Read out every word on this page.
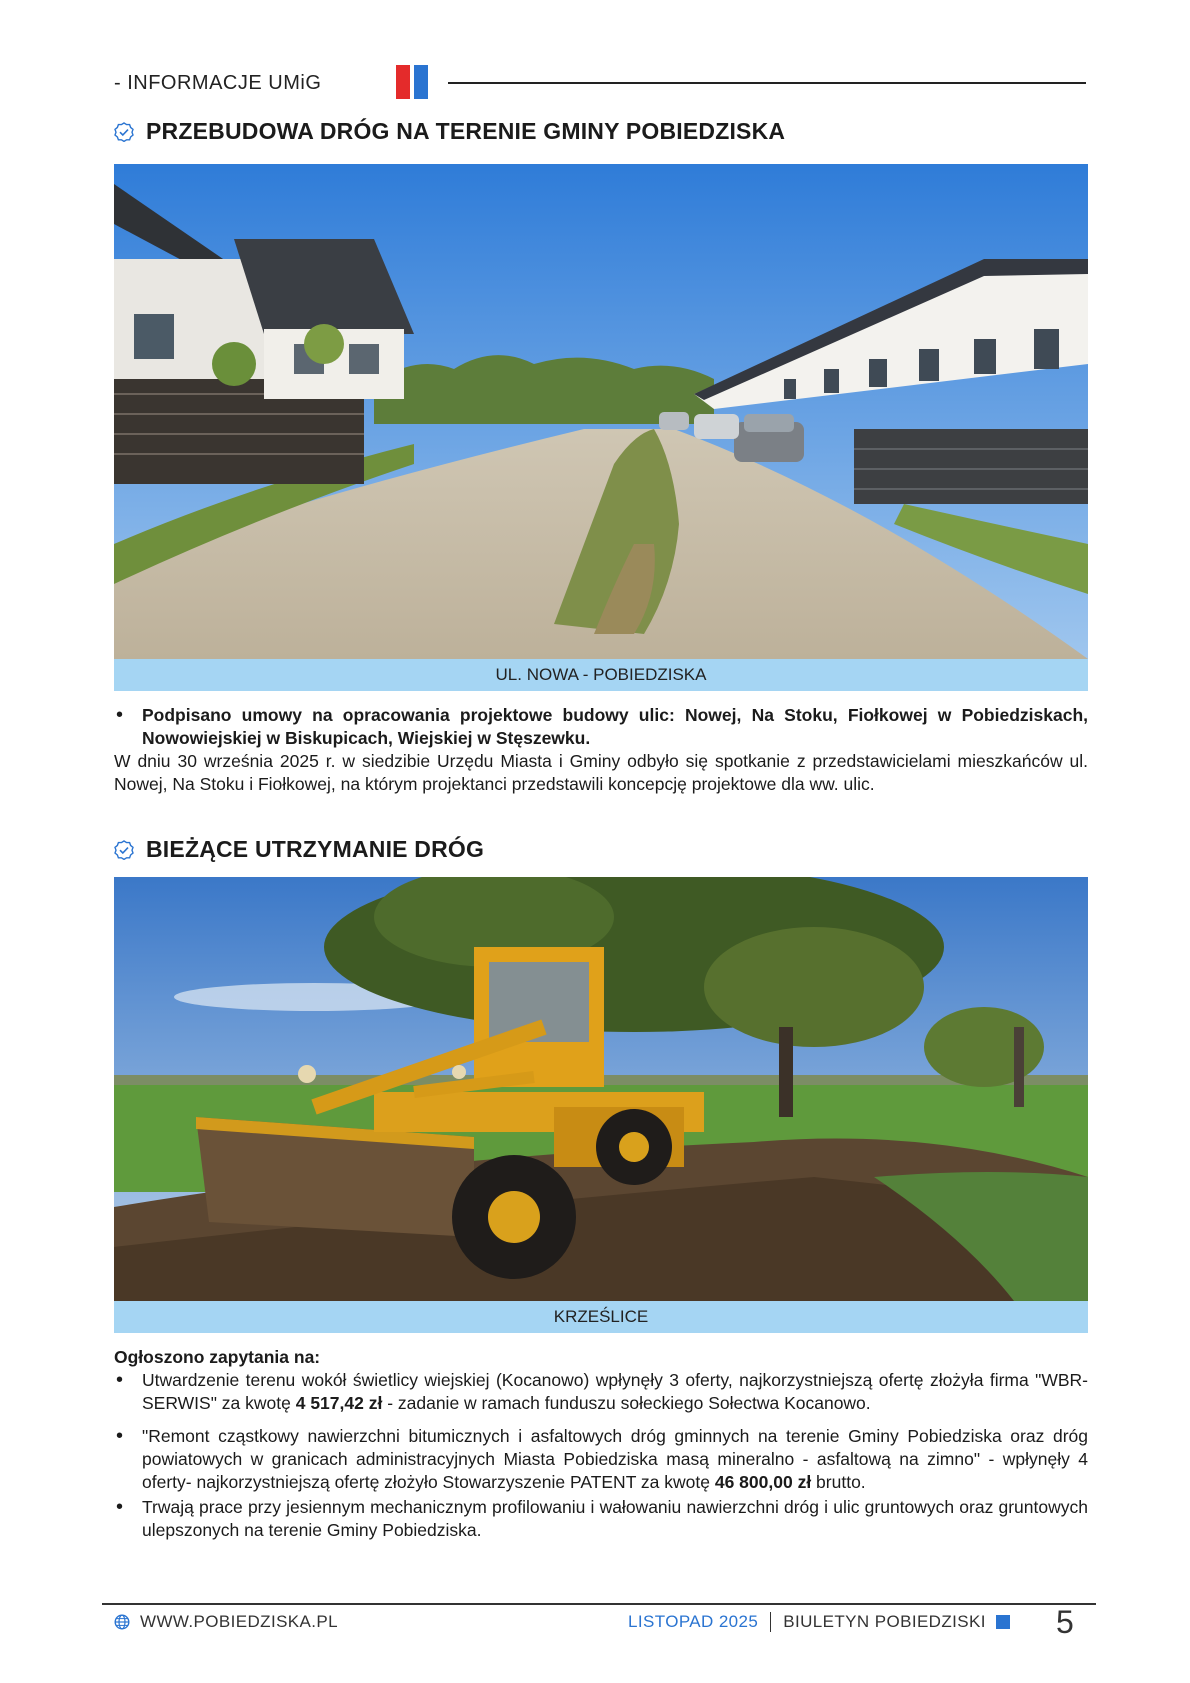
- INFORMACJE UMiG
PRZEBUDOWA DRÓG NA TERENIE GMINY POBIEDZISKA
UL. NOWA - POBIEDZISKA
• Podpisano umowy na opracowania projektowe budowy ulic: Nowej, Na Stoku, Fiołkowej w Pobiedziskach, Nowowiejskiej w Biskupicach, Wiejskiej w Stęszewku.

W dniu 30 września 2025 r. w siedzibie Urzędu Miasta i Gminy odbyło się spotkanie z przedstawicielami mieszkańców ul. Nowej, Na Stoku i Fiołkowej, na którym projektanci przedstawili koncepcję projektowe dla ww. ulic.

BIEŻĄCE UTRZYMANIE DRÓG
KRZEŚLICE

Ogłoszono zapytania na:

• Utwardzenie terenu wokół świetlicy wiejskiej (Kocanowo) wpłynęły 3 oferty, najkorzystniejszą ofertę złożyła firma "WBR- SERWIS" za kwotę 4 517,42 zł - zadanie w ramach funduszu sołeckiego Sołectwa Kocanowo.
• "Remont cząstkowy nawierzchni bitumicznych i asfaltowych dróg gminnych na terenie Gminy Pobiedziska oraz dróg powiatowych w granicach administracyjnych Miasta Pobiedziska masą mineralno - asfaltową na zimno" - wpłynęły 4 oferty- najkorzystniejszą ofertę złożyło Stowarzyszenie PATENT za kwotę 46 800,00 zł brutto.
• Trwają prace przy jesiennym mechanicznym profilowaniu i wałowaniu nawierzchni dróg i ulic gruntowych oraz gruntowych ulepszonych na terenie Gminy Pobiedziska.
WWW.POBIEDZISKA.PL	LISTOPAD 2025 BIULETYN POBIEDZISKI 5
